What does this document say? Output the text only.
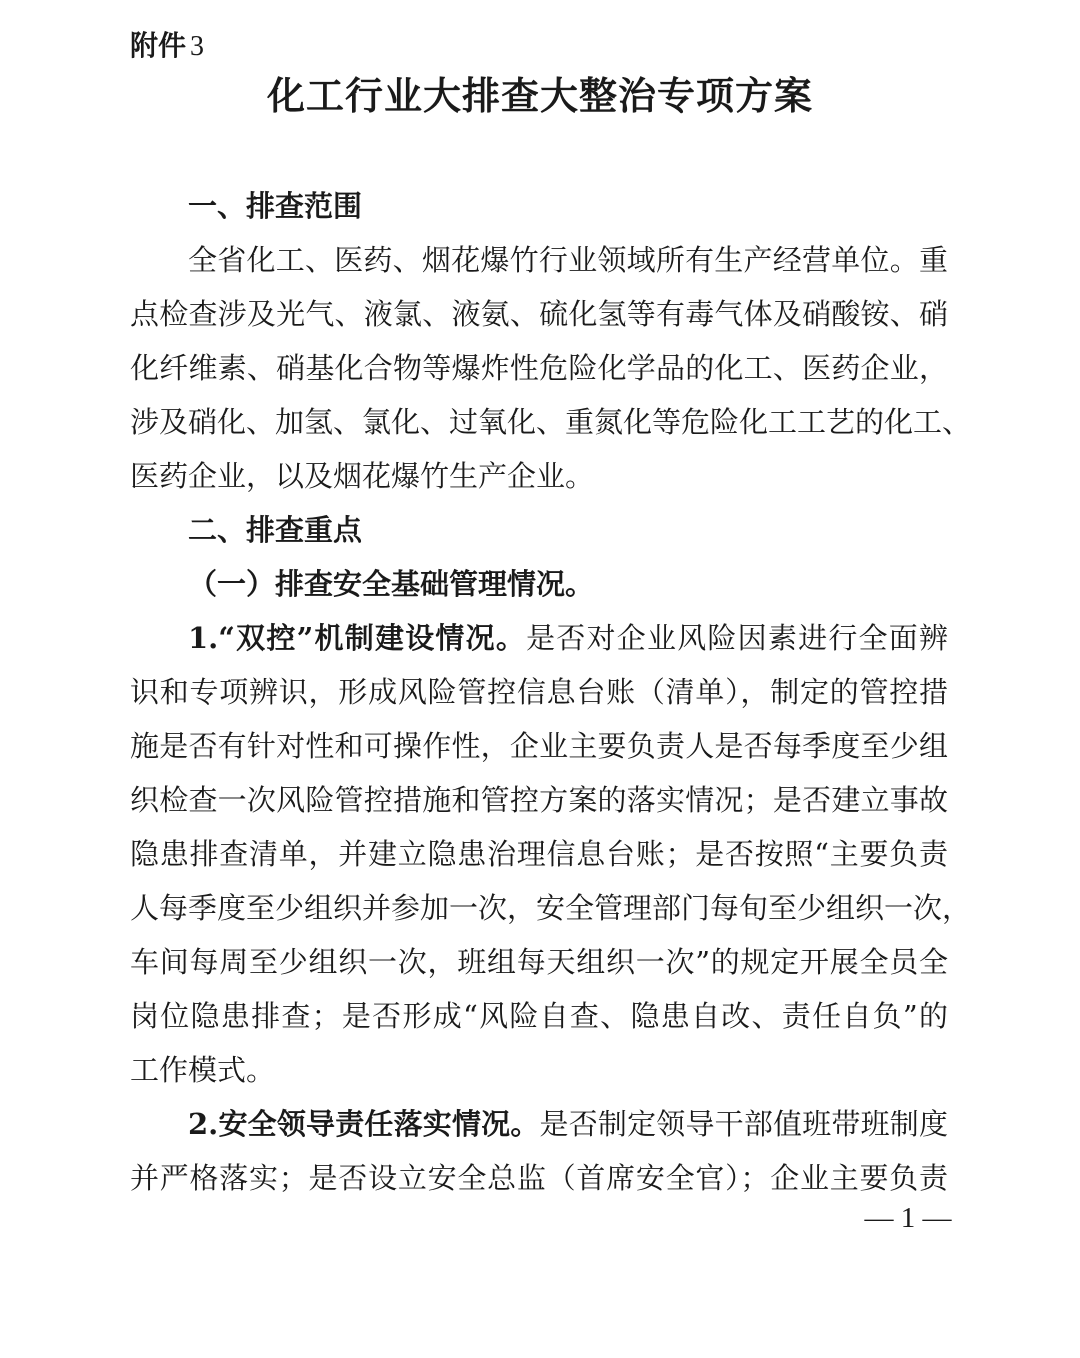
附件 3
化工行业大排查大整治专项方案
一、排查范围
全省化工、医药、烟花爆竹行业领域所有生产经营单位。重
点检查涉及光气、液氯、液氨、硫化氢等有毒气体及硝酸铵、硝
化纤维素、硝基化合物等爆炸性危险化学品的化工、医药企业，
涉及硝化、加氢、氯化、过氧化、重氮化等危险化工工艺的化工、
医药企业，以及烟花爆竹生产企业。
二、排查重点
（一）排查安全基础管理情况。
1.“双控”机制建设情况。是否对企业风险因素进行全面辨
识和专项辨识，形成风险管控信息台账（清单），制定的管控措
施是否有针对性和可操作性，企业主要负责人是否每季度至少组
织检查一次风险管控措施和管控方案的落实情况；是否建立事故
隐患排查清单，并建立隐患治理信息台账；是否按照“主要负责
人每季度至少组织并参加一次，安全管理部门每旬至少组织一次，
车间每周至少组织一次，班组每天组织一次”的规定开展全员全
岗位隐患排查；是否形成“风险自查、隐患自改、责任自负”的
工作模式。
2.安全领导责任落实情况。是否制定领导干部值班带班制度
并严格落实；是否设立安全总监（首席安全官）；企业主要负责
— 1 —
